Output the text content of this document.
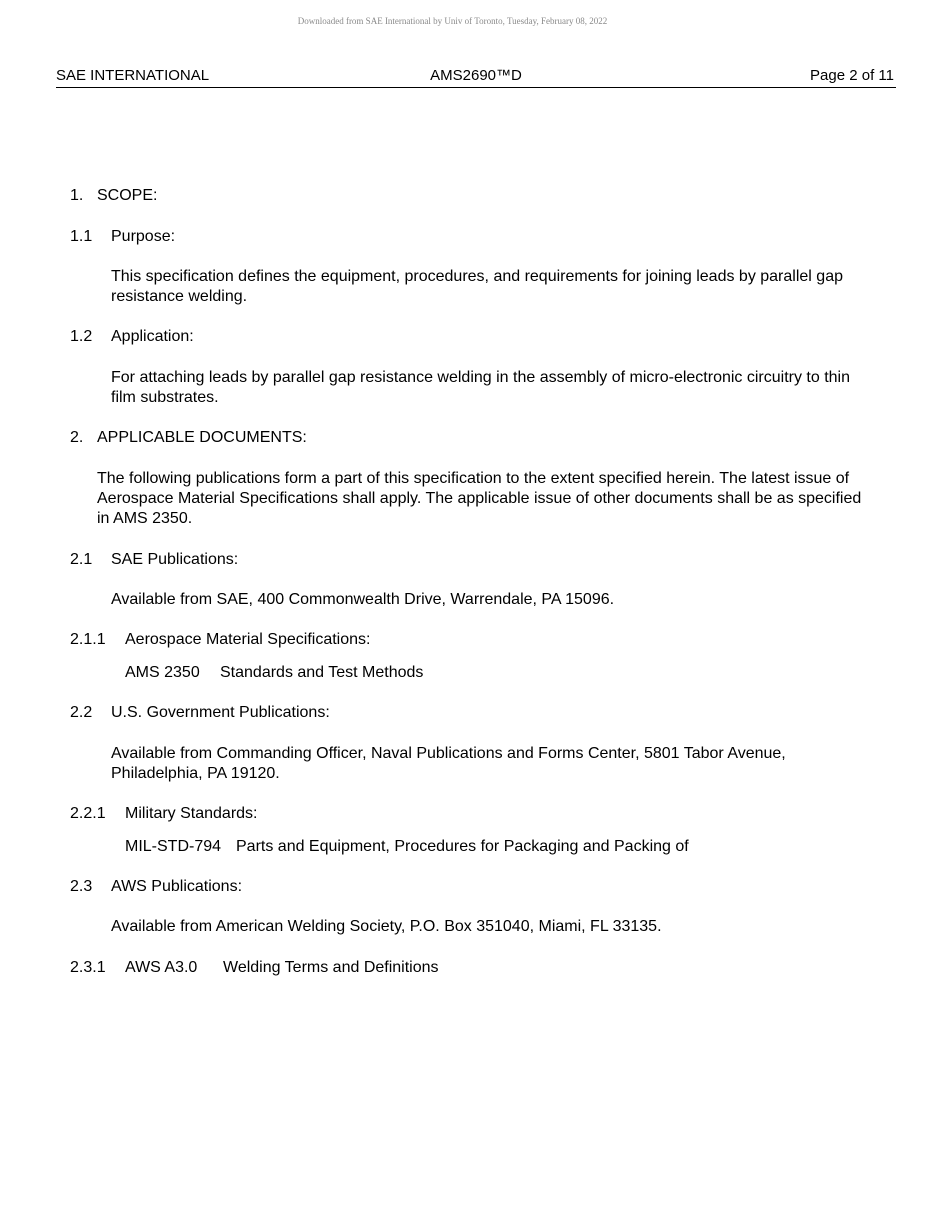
Downloaded from SAE International by Univ of Toronto, Tuesday, February 08, 2022
AMS2690™D
SAE INTERNATIONAL	Page 2 of 11
1. SCOPE:
1.1 Purpose:
This specification defines the equipment, procedures, and requirements for joining leads by parallel gap resistance welding.
1.2 Application:
For attaching leads by parallel gap resistance welding in the assembly of micro-electronic circuitry to thin film substrates.
2. APPLICABLE DOCUMENTS:
The following publications form a part of this specification to the extent specified herein. The latest issue of Aerospace Material Specifications shall apply. The applicable issue of other documents shall be as specified in AMS 2350.
2.1 SAE Publications:
Available from SAE, 400 Commonwealth Drive, Warrendale, PA 15096.
2.1.1 Aerospace Material Specifications:
AMS 2350 Standards and Test Methods
2.2 U.S. Government Publications:
Available from Commanding Officer, Naval Publications and Forms Center, 5801 Tabor Avenue, Philadelphia, PA 19120.
2.2.1 Military Standards:
MIL-STD-794 Parts and Equipment, Procedures for Packaging and Packing of
2.3 AWS Publications:
Available from American Welding Society, P.O. Box 351040, Miami, FL 33135.
2.3.1 AWS A3.0 Welding Terms and Definitions
